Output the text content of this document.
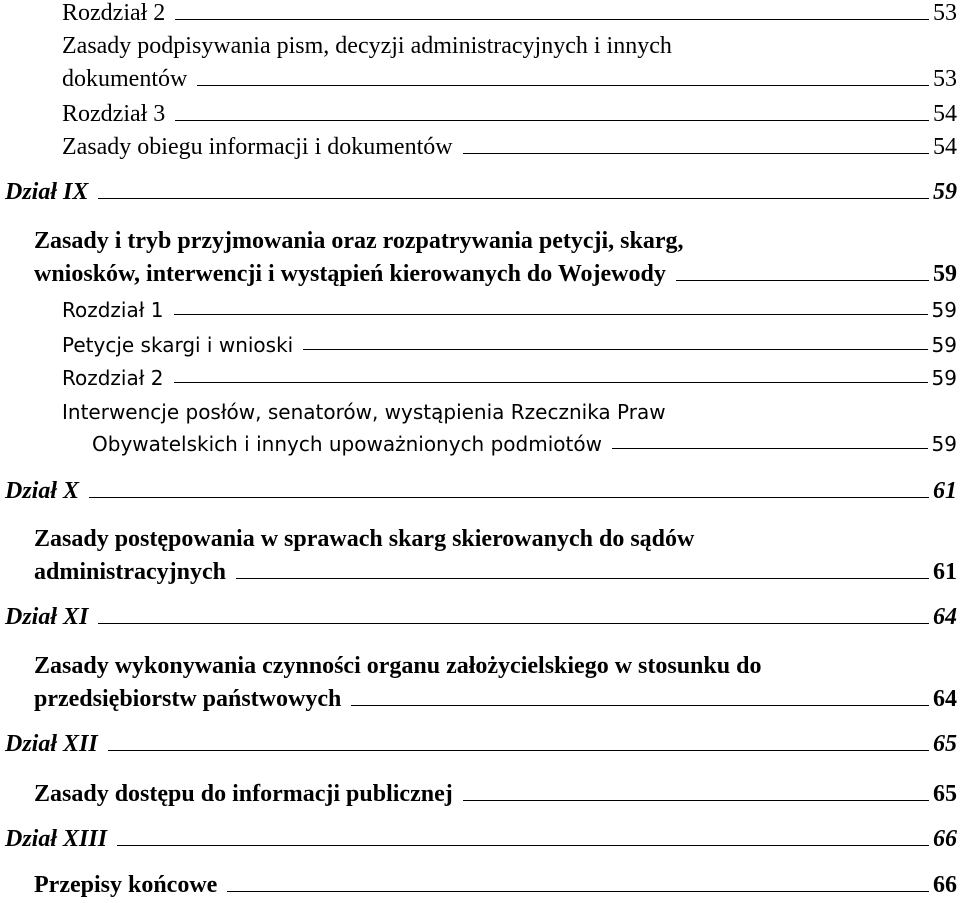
Rozdział 2	53
Zasady podpisywania pism, decyzji administracyjnych i innych
dokumentów	53
Rozdział 3	54
Zasady obiegu informacji i dokumentów	54
Dział IX	59
Zasady i tryb przyjmowania oraz rozpatrywania petycji, skarg,
wniosków, interwencji i wystąpień kierowanych do Wojewody	59
Rozdział 1	59
Petycje skargi i wnioski	59
Rozdział 2	59
Interwencje posłów, senatorów, wystąpienia Rzecznika Praw
Obywatelskich i innych upoważnionych podmiotów	59
Dział X	61
Zasady postępowania w sprawach skarg skierowanych do sądów
administracyjnych	61
Dział XI	64
Zasady wykonywania czynności organu założycielskiego w stosunku do
przedsiębiorstw państwowych	64
Dział XII	65
Zasady dostępu do informacji publicznej	65
Dział XIII	66
Przepisy końcowe	66
